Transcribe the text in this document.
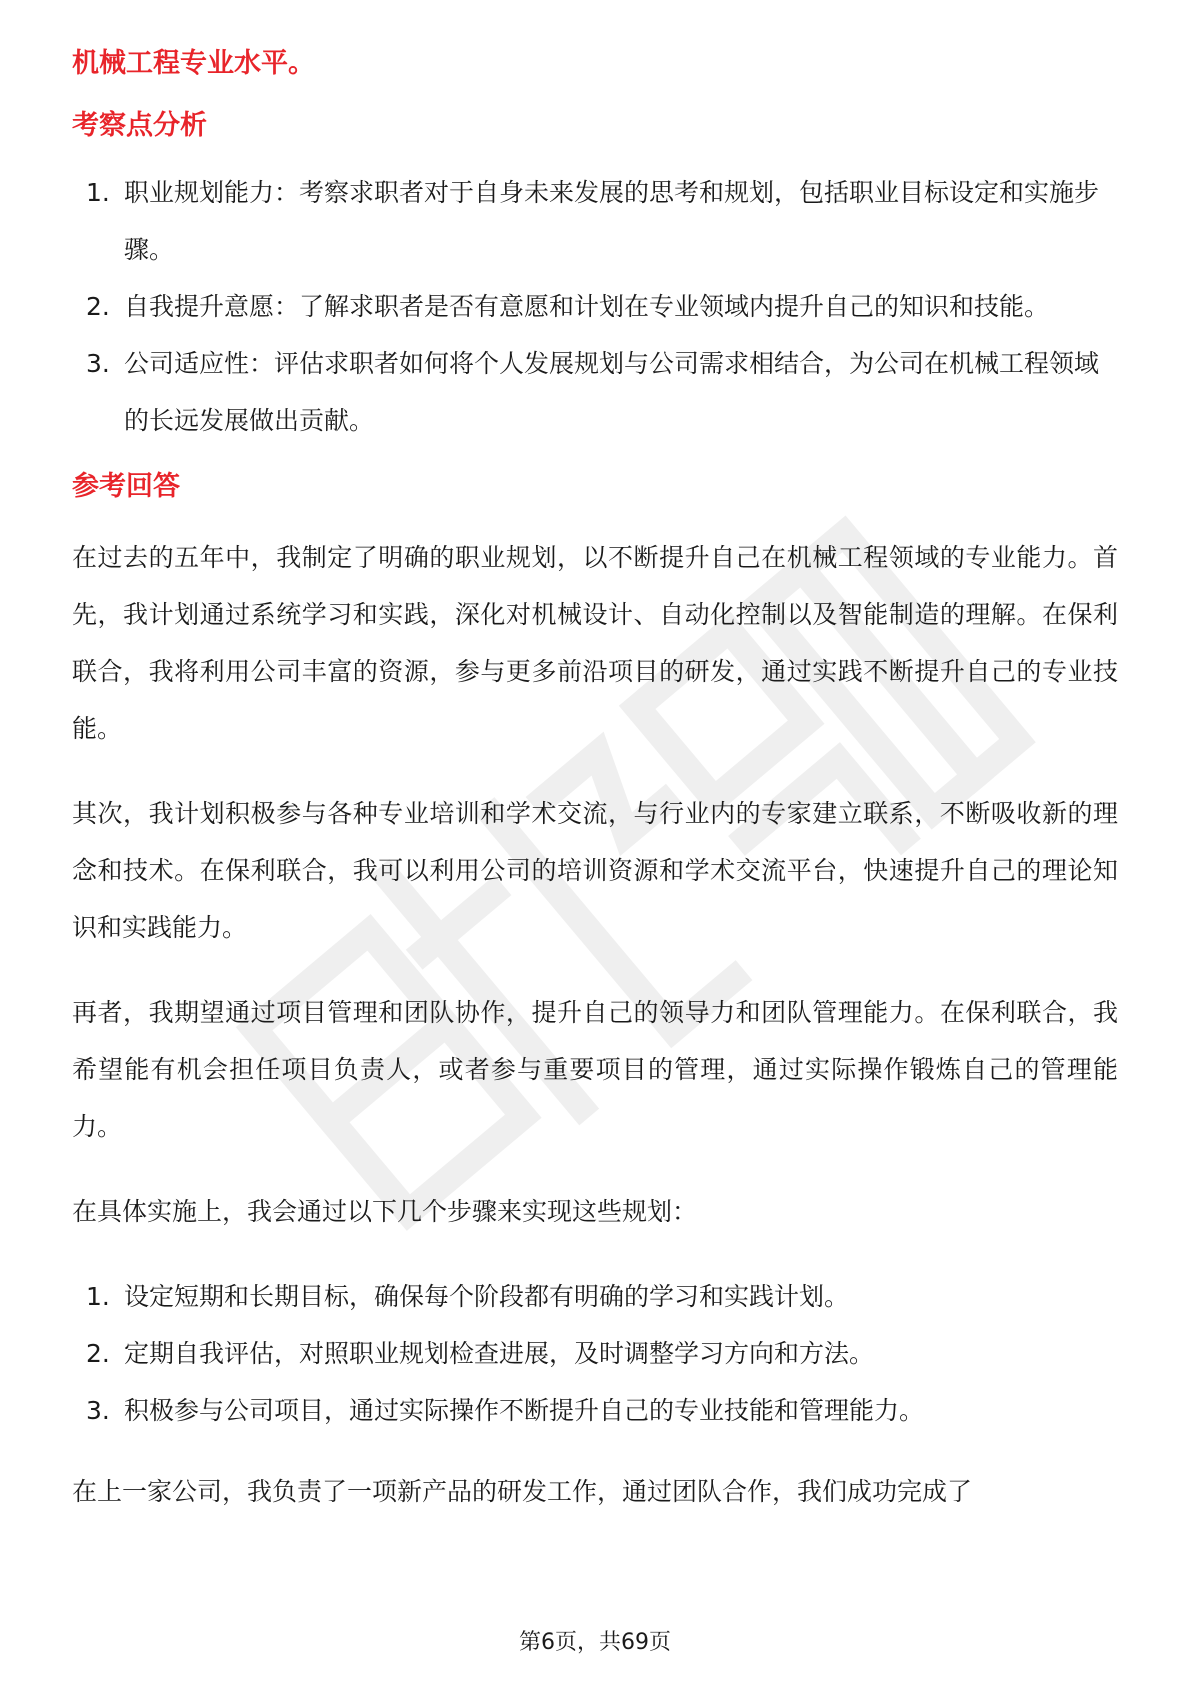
机械工程专业水平。
考察点分析
1. 职业规划能力：考察求职者对于自身未来发展的思考和规划，包括职业目标设定和实施步骤。
2. 自我提升意愿：了解求职者是否有意愿和计划在专业领域内提升自己的知识和技能。
3. 公司适应性：评估求职者如何将个人发展规划与公司需求相结合，为公司在机械工程领域的长远发展做出贡献。
参考回答

在过去的五年中，我制定了明确的职业规划，以不断提升自己在机械工程领域的专业能力。首先，我计划通过系统学习和实践，深化对机械设计、自动化控制以及智能制造的理解。在保利联合，我将利用公司丰富的资源，参与更多前沿项目的研发，通过实践不断提升自己的专业技能。

其次，我计划积极参与各种专业培训和学术交流，与行业内的专家建立联系，不断吸收新的理念和技术。在保利联合，我可以利用公司的培训资源和学术交流平台，快速提升自己的理论知识和实践能力。

再者，我期望通过项目管理和团队协作，提升自己的领导力和团队管理能力。在保利联合，我希望能有机会担任项目负责人，或者参与重要项目的管理，通过实际操作锻炼自己的管理能力。

在具体实施上，我会通过以下几个步骤来实现这些规划：

1. 设定短期和长期目标，确保每个阶段都有明确的学习和实践计划。
2. 定期自我评估，对照职业规划检查进展，及时调整学习方向和方法。
3. 积极参与公司项目，通过实际操作不断提升自己的专业技能和管理能力。

在上一家公司，我负责了一项新产品的研发工作，通过团队合作，我们成功完成了

第6页，共69页
